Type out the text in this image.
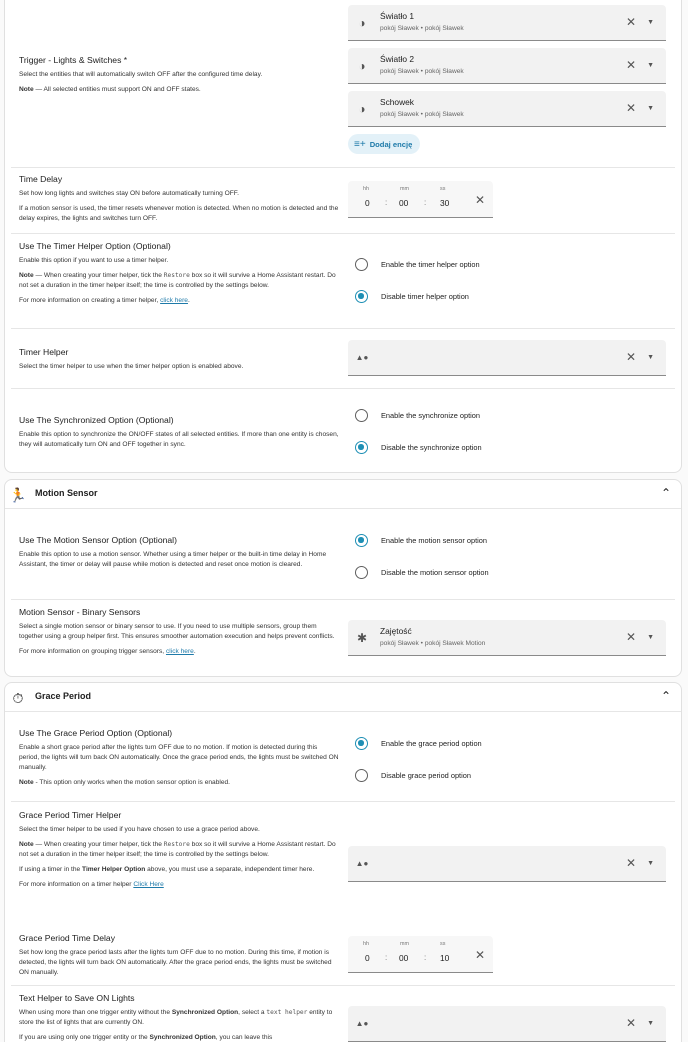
Trigger - Lights & Switches *
Select the entities that will automatically switch OFF after the configured time delay.
Note — All selected entities must support ON and OFF states.
◑	Światło 1
pokój Sławek • pokój Sławek	✕ ▼
◑	Światło 2
pokój Sławek • pokój Sławek	✕ ▼
◑	Schowek
pokój Sławek • pokój Sławek	✕ ▼
≡+ Dodaj encję
Time Delay
Set how long lights and switches stay ON before automatically turning OFF.
If a motion sensor is used, the timer resets whenever motion is detected. When no motion is detected and the delay expires, the lights and switches turn OFF.
hh	mm	ss
0 : 00 : 30 ✕
Use The Timer Helper Option (Optional)
Enable this option if you want to use a timer helper.
Note — When creating your timer helper, tick the Restore box so it will survive a Home Assistant restart. Do not set a duration in the timer helper itself; the time is controlled by the settings below.
For more information on creating a timer helper, click here.
Enable the timer helper option
Disable timer helper option
Timer Helper
Select the timer helper to use when the timer helper option is enabled above.
▲●	✕ ▼
Use The Synchronized Option (Optional)
Enable this option to synchronize the ON/OFF states of all selected entities. If more than one entity is chosen, they will automatically turn ON and OFF together in sync.
Enable the synchronize option
Disable the synchronize option
🏃 Motion Sensor	⌃
Use The Motion Sensor Option (Optional)
Enable this option to use a motion sensor. Whether using a timer helper or the built-in time delay in Home Assistant, the timer or delay will pause while motion is detected and reset once motion is cleared.
Enable the motion sensor option
Disable the motion sensor option
Motion Sensor - Binary Sensors
Select a single motion sensor or binary sensor to use. If you need to use multiple sensors, group them together using a group helper first. This ensures smoother automation execution and helps prevent conflicts.
For more information on grouping trigger sensors, click here.
✱	Zajętość
pokój Sławek • pokój Sławek Motion	✕ ▼
⏱	Grace Period	⌃
Use The Grace Period Option (Optional)
Enable a short grace period after the lights turn OFF due to no motion. If motion is detected during this period, the lights will turn back ON automatically. Once the grace period ends, the lights must be switched ON manually.
Note - This option only works when the motion sensor option is enabled.
Enable the grace period option
Disable grace period option
Grace Period Timer Helper
Select the timer helper to be used if you have chosen to use a grace period above.
Note — When creating your timer helper, tick the Restore box so it will survive a Home Assistant restart. Do not set a duration in the timer helper itself; the time is controlled by the settings below.
If using a timer in the Timer Helper Option above, you must use a separate, independent timer here.
For more information on a timer helper Click Here
▲●	✕ ▼
Grace Period Time Delay
Set how long the grace period lasts after the lights turn OFF due to no motion. During this time, if motion is detected, the lights will turn back ON automatically. After the grace period ends, the lights must be switched ON manually.
hh	mm	ss
0 : 00 : 10 ✕
Text Helper to Save ON Lights
When using more than one trigger entity without the Synchronized Option, select a text helper entity to store the list of lights that are currently ON.
If you are using only one trigger entity or the Synchronized Option, you can leave this
▲●	✕ ▼
